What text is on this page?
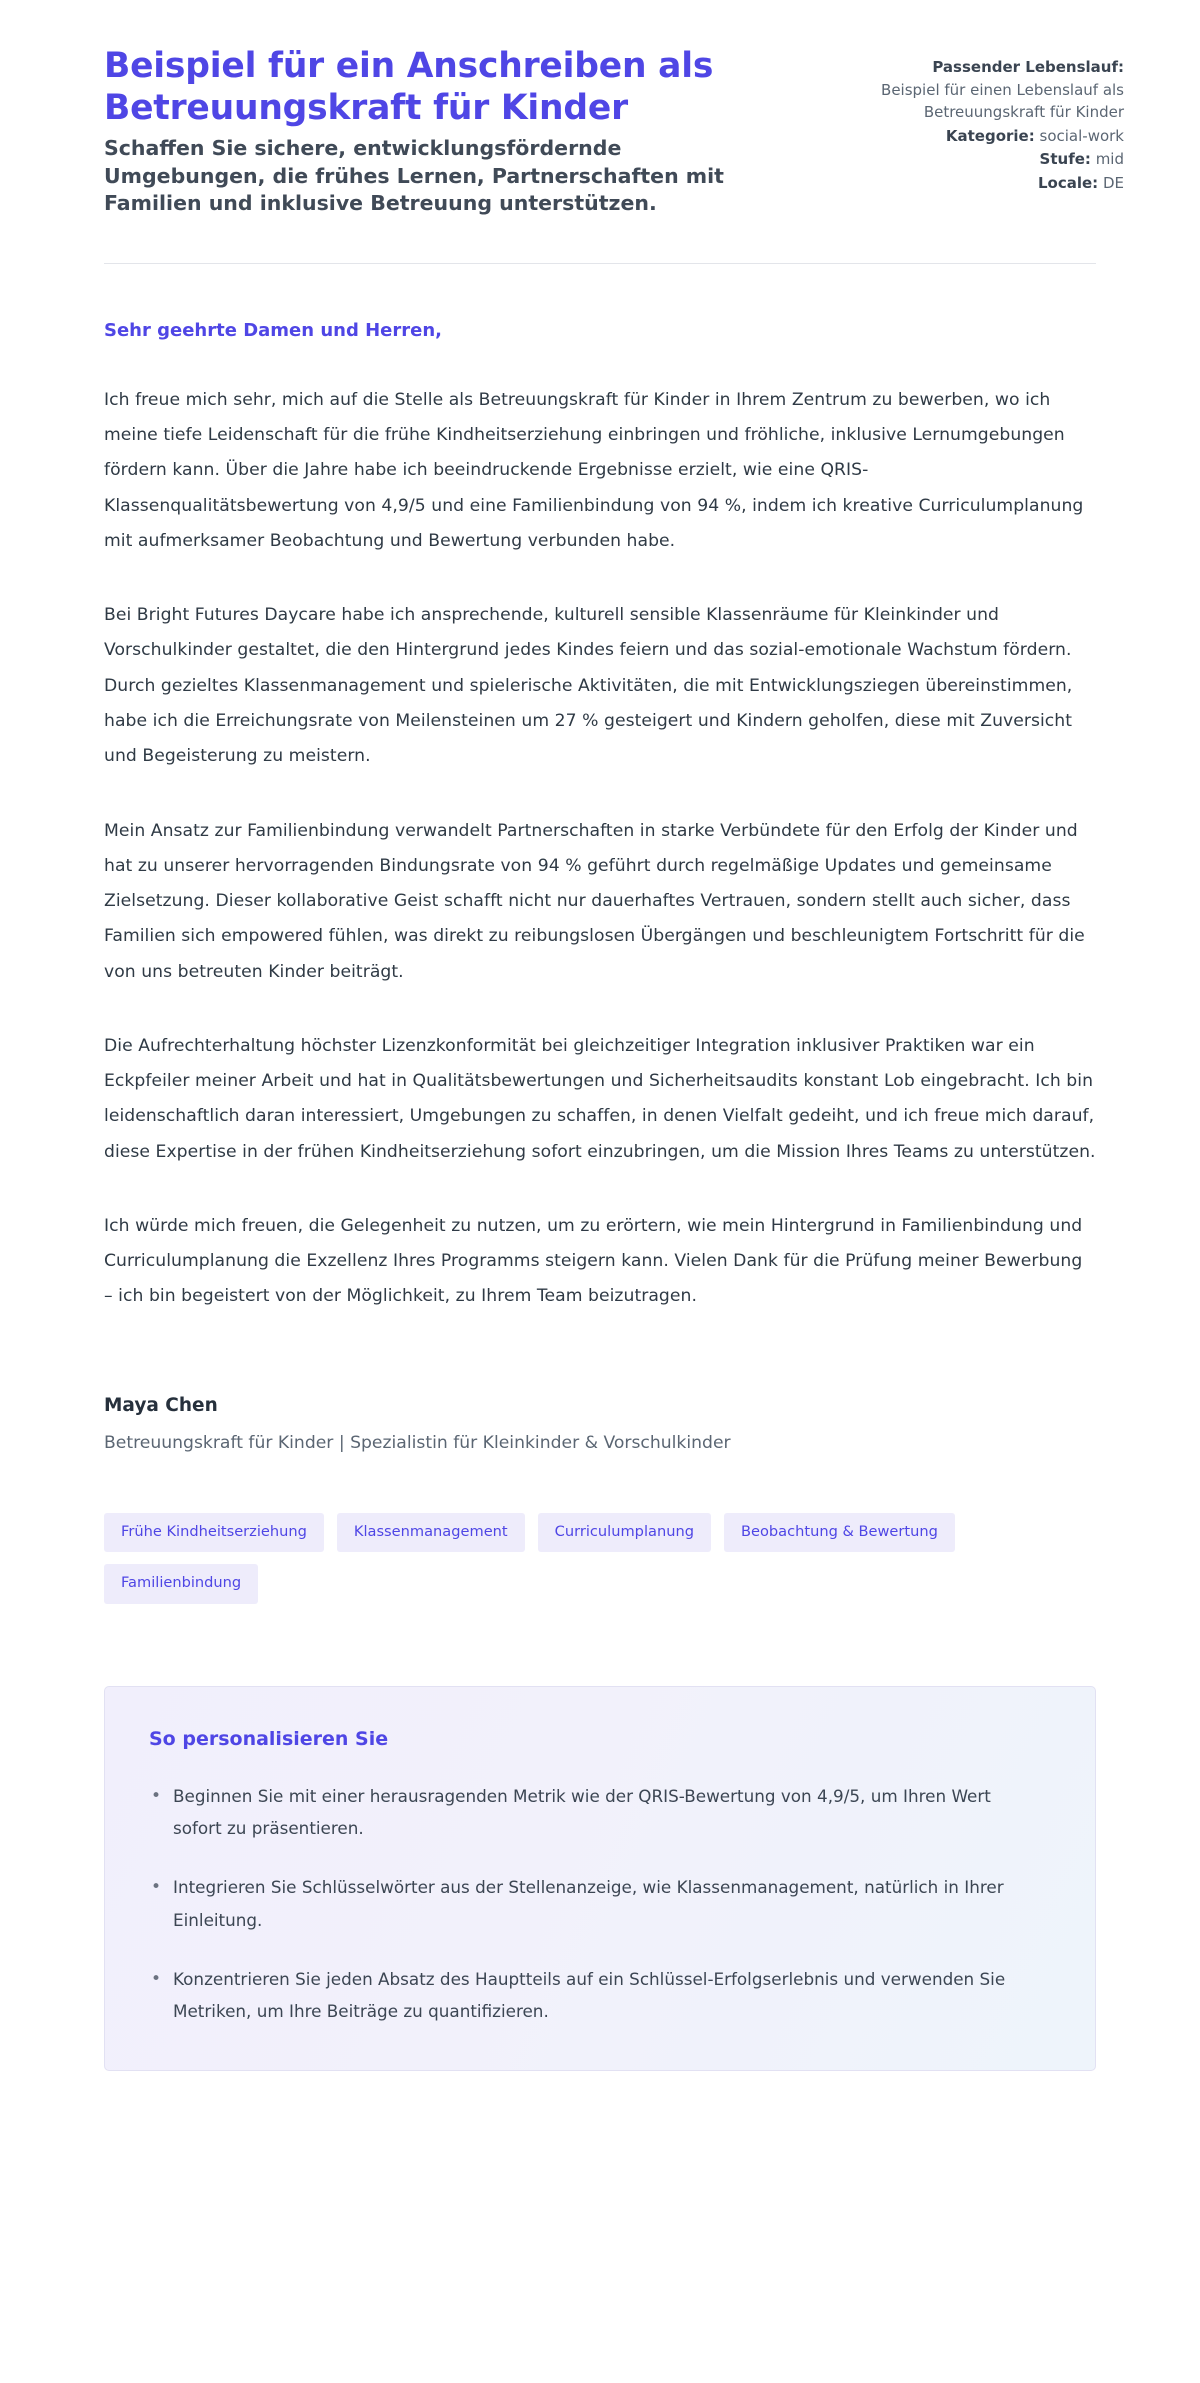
Beispiel für ein Anschreiben als Betreuungskraft für Kinder

Schaffen Sie sichere, entwicklungsfördernde Umgebungen, die frühes Lernen, Partnerschaften mit Familien und inklusive Betreuung unterstützen.

Passender Lebenslauf:
Beispiel für einen Lebenslauf als Betreuungskraft für Kinder
Kategorie: social-work
Stufe: mid
Locale: DE

Sehr geehrte Damen und Herren,

Ich freue mich sehr, mich auf die Stelle als Betreuungskraft für Kinder in Ihrem Zentrum zu bewerben, wo ich meine tiefe Leidenschaft für die frühe Kindheitserziehung einbringen und fröhliche, inklusive Lernumgebungen fördern kann. Über die Jahre habe ich beeindruckende Ergebnisse erzielt, wie eine QRIS-Klassenqualitätsbewertung von 4,9/5 und eine Familienbindung von 94 %, indem ich kreative Curriculumplanung mit aufmerksamer Beobachtung und Bewertung verbunden habe.

Bei Bright Futures Daycare habe ich ansprechende, kulturell sensible Klassenräume für Kleinkinder und Vorschulkinder gestaltet, die den Hintergrund jedes Kindes feiern und das sozial-emotionale Wachstum fördern. Durch gezieltes Klassenmanagement und spielerische Aktivitäten, die mit Entwicklungsziegen übereinstimmen, habe ich die Erreichungsrate von Meilensteinen um 27 % gesteigert und Kindern geholfen, diese mit Zuversicht und Begeisterung zu meistern.

Mein Ansatz zur Familienbindung verwandelt Partnerschaften in starke Verbündete für den Erfolg der Kinder und hat zu unserer hervorragenden Bindungsrate von 94 % geführt durch regelmäßige Updates und gemeinsame Zielsetzung. Dieser kollaborative Geist schafft nicht nur dauerhaftes Vertrauen, sondern stellt auch sicher, dass Familien sich empowered fühlen, was direkt zu reibungslosen Übergängen und beschleunigtem Fortschritt für die von uns betreuten Kinder beiträgt.

Die Aufrechterhaltung höchster Lizenzkonformität bei gleichzeitiger Integration inklusiver Praktiken war ein Eckpfeiler meiner Arbeit und hat in Qualitätsbewertungen und Sicherheitsaudits konstant Lob eingebracht. Ich bin leidenschaftlich daran interessiert, Umgebungen zu schaffen, in denen Vielfalt gedeiht, und ich freue mich darauf, diese Expertise in der frühen Kindheitserziehung sofort einzubringen, um die Mission Ihres Teams zu unterstützen.

Ich würde mich freuen, die Gelegenheit zu nutzen, um zu erörtern, wie mein Hintergrund in Familienbindung und Curriculumplanung die Exzellenz Ihres Programms steigern kann. Vielen Dank für die Prüfung meiner Bewerbung – ich bin begeistert von der Möglichkeit, zu Ihrem Team beizutragen.

Maya Chen

Betreuungskraft für Kinder | Spezialistin für Kleinkinder & Vorschulkinder

Frühe Kindheitserziehung	Klassenmanagement	Curriculumplanung	Beobachtung & Bewertung
Familienbindung
So personalisieren Sie
• Beginnen Sie mit einer herausragenden Metrik wie der QRIS-Bewertung von 4,9/5, um Ihren Wert sofort zu präsentieren.
• Integrieren Sie Schlüsselwörter aus der Stellenanzeige, wie Klassenmanagement, natürlich in Ihrer Einleitung.
• Konzentrieren Sie jeden Absatz des Hauptteils auf ein Schlüssel-Erfolgserlebnis und verwenden Sie Metriken, um Ihre Beiträge zu quantifizieren.
